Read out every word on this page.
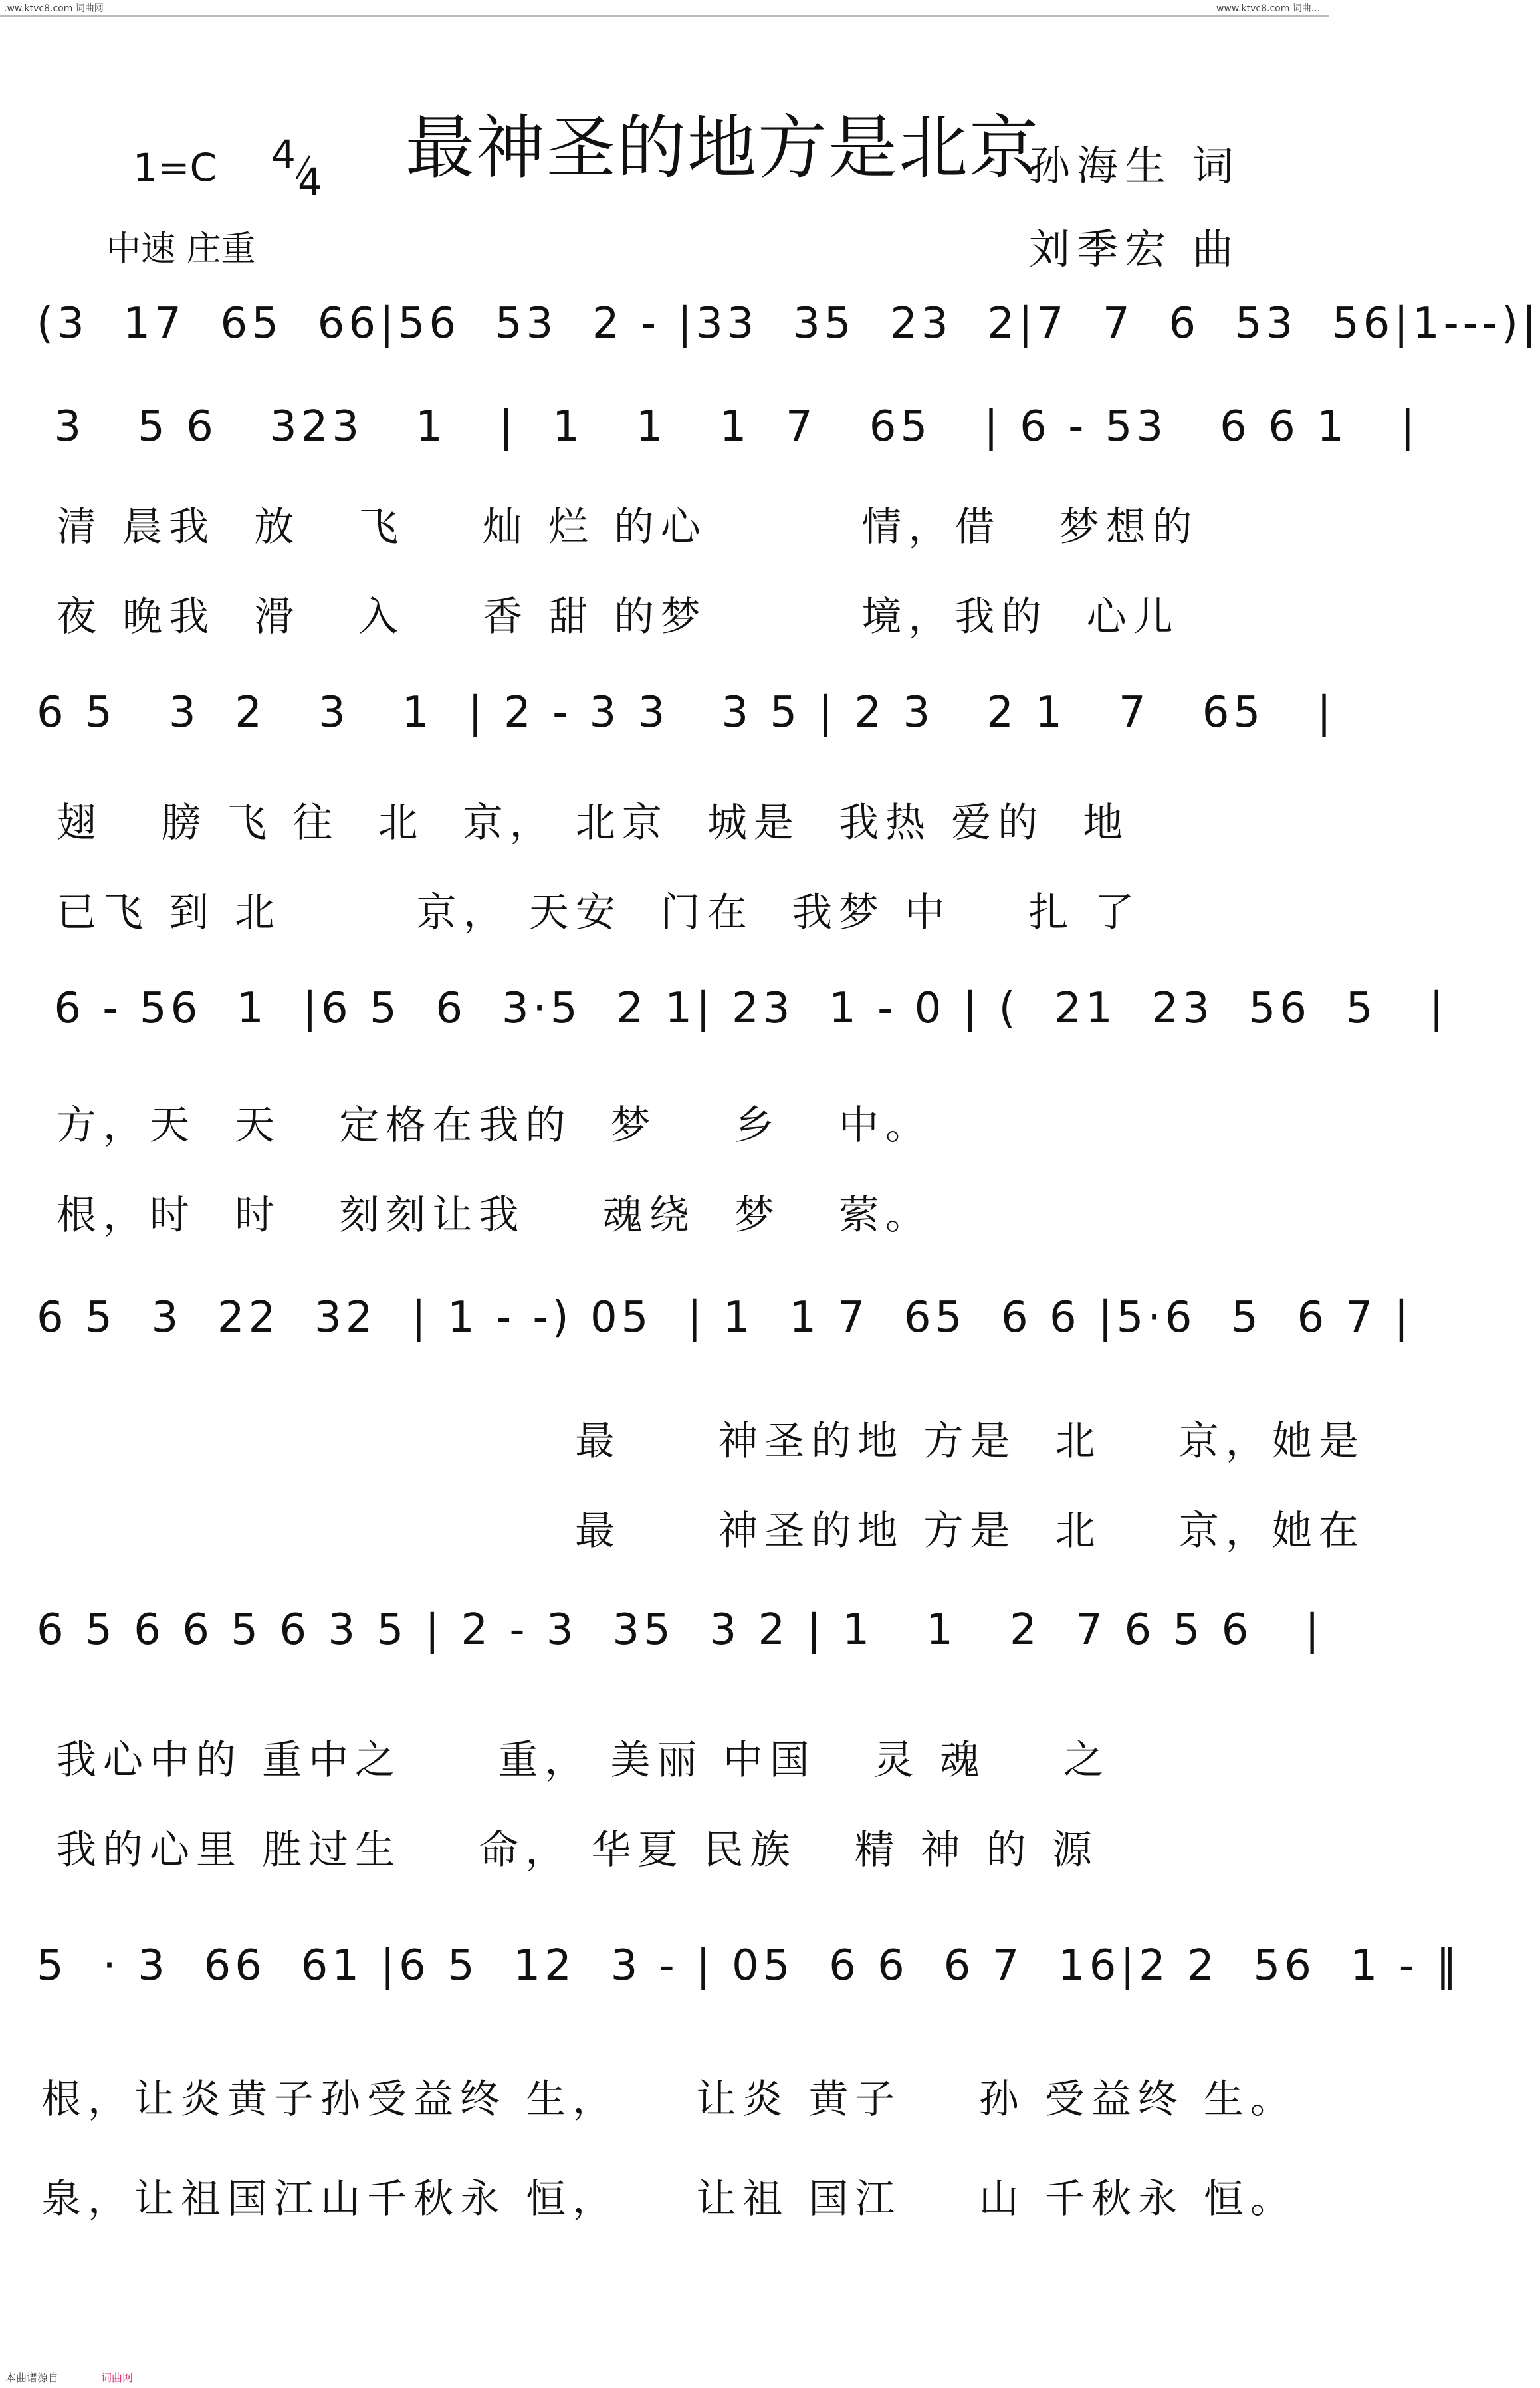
.ww.ktvc8.com 词曲网	www.ktvc8.com 词曲...
最神圣的地方是北京
1=C

4

4

中速 庄重
孙海生 词
刘季宏 曲
(3  17  65  66|56  53  2 - |33  35  23  2|7  7  6  53  56|1---)|
3   5 6   323   1   |  1   1   1  7   65   | 6 - 53   6 6 1   |
清 晨我  放   飞    灿 烂 的心        情，借   梦想的
夜 晚我  滑   入    香 甜 的梦        境，我的  心儿
6 5   3  2   3   1  | 2 - 3 3   3 5 | 2 3   2 1   7   65   |
翅   膀 飞 往  北  京， 北京  城是  我热 爱的  地
已飞 到 北       京， 天安  门在  我梦 中    扎 了
6 - 56  1  |6 5  6  3·5  2 1| 23  1 - 0 | (  21  23  56  5   |
方，天  天   定格在我的  梦    乡   中。
根，时  时   刻刻让我    魂绕  梦   萦。
6 5  3  22  32  | 1 - -) 05  | 1  1 7  65  6 6 |5·6  5  6 7 |
最     神圣的地 方是  北    京，她是
最     神圣的地 方是  北    京，她在
6 5 6 6 5 6 3 5 | 2 - 3  35  3 2 | 1   1   2  7 6 5 6   |
我心中的 重中之     重， 美丽 中国   灵 魂    之
我的心里 胜过生    命， 华夏 民族   精 神 的 源
5  · 3  66  61 |6 5  12  3 - | 05  6 6  6 7  16|2 2  56  1 - ‖
根，让炎黄子孙受益终 生，    让炎 黄子    孙 受益终 生。
泉，让祖国江山千秋永 恒，    让祖 国江    山 千秋永 恒。
本曲谱源自	词曲网
